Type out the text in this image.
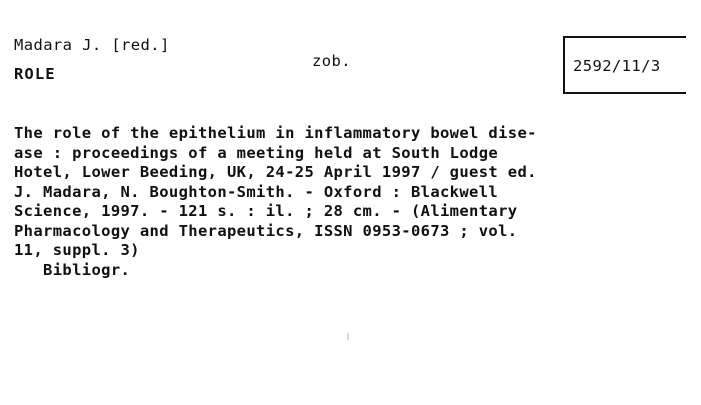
Madara J. [red.]
ROLE
zob.	2592/11/3
The role of the epithelium in inflammatory bowel dise-
ase : proceedings of a meeting held at South Lodge
Hotel, Lower Beeding, UK, 24-25 April 1997 / guest ed.
J. Madara, N. Boughton-Smith. - Oxford : Blackwell
Science, 1997. - 121 s. : il. ; 28 cm. - (Alimentary
Pharmacology and Therapeutics, ISSN 0953-0673 ; vol.
11, suppl. 3)
Bibliogr.
